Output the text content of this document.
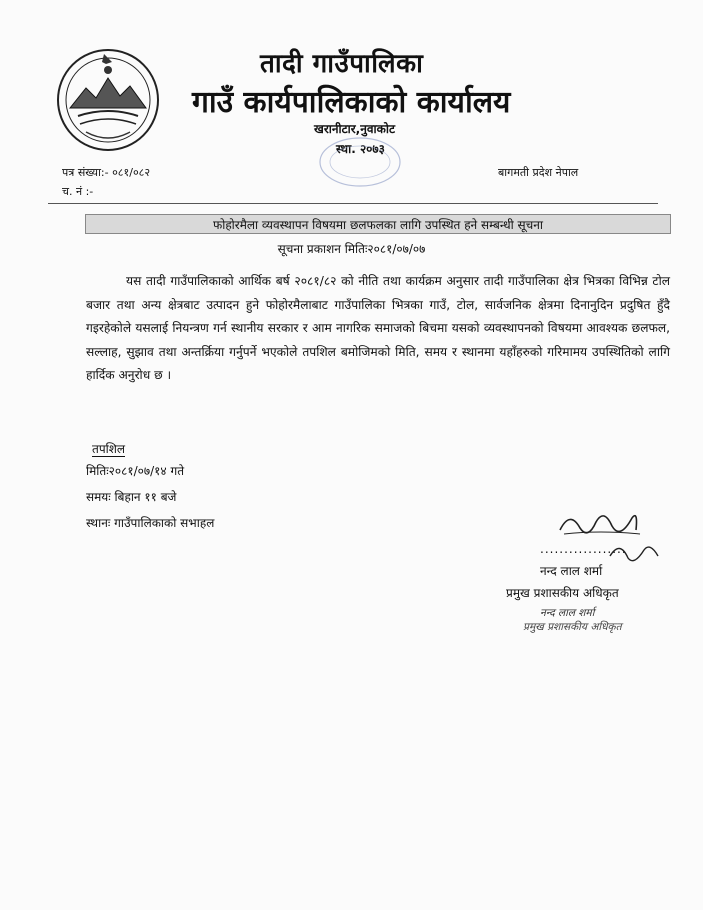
तादी गाउँपालिका
गाउँ कार्यपालिकाको कार्यालय
खरानीटार,नुवाकोट
स्था. २०७३
पत्र संख्या:- ०८१/०८२
च. नं :-
बागमती प्रदेश नेपाल
फोहोरमैला व्यवस्थापन विषयमा छलफलका लागि उपस्थित हने सम्बन्धी सूचना
सूचना प्रकाशन मितिः२०८१/०७/०७
यस तादी गाउँपालिकाको आर्थिक बर्ष २०८१/८२ को नीति तथा कार्यक्रम अनुसार तादी गाउँपालिका क्षेत्र भित्रका विभिन्न टोल बजार तथा अन्य क्षेत्रबाट उत्पादन हुने फोहोरमैलाबाट गाउँपालिका भित्रका गाउँ, टोल, सार्वजनिक क्षेत्रमा दिनानुदिन प्रदुषित हुँदै गइरहेकोले यसलाई नियन्त्रण गर्न स्थानीय सरकार र आम नागरिक समाजको बिचमा यसको व्यवस्थापनको विषयमा आवश्यक छलफल, सल्लाह, सुझाव तथा अन्तर्क्रिया गर्नुपर्ने भएकोले तपशिल बमोजिमको मिति, समय र स्थानमा यहाँहरुको गरिमामय उपस्थितिको लागि हार्दिक अनुरोध छ ।
तपशिल
मितिः२०८१/०७/१४ गते
समयः बिहान ११ बजे
स्थानः गाउँपालिकाको सभाहल
..................
नन्द लाल शर्मा
प्रमुख प्रशासकीय अधिकृत
नन्द लाल शर्मा
प्रमुख प्रशासकीय अधिकृत
